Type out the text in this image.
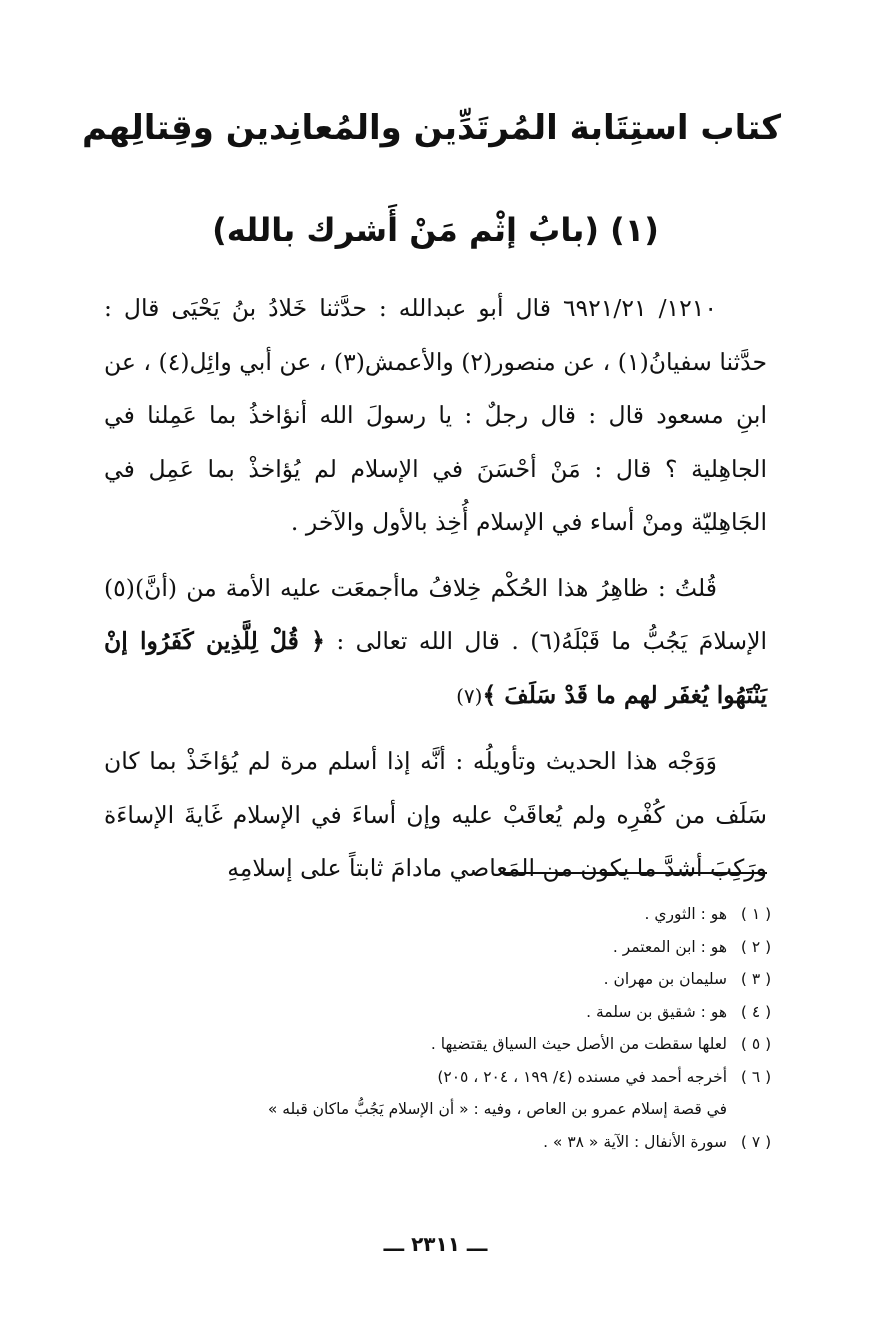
كتاب استِتَابة المُرتَدِّين والمُعانِدين وقِتالِهم
(١) (بابُ إثْم مَنْ أَشرك بالله)

١٢١٠/ ٦٩٢١/٢١ قال أبو عبدالله : حدَّثنا خَلادُ بنُ يَحْيَى قال : حدَّثنا سفيانُ(١) ، عن منصور(٢) والأعمش(٣) ، عن أبي وائِل(٤) ، عن ابنِ مسعود قال : قال رجلٌ : يا رسولَ الله أنؤاخذُ بما عَمِلنا في الجاهِلية ؟ قال : مَنْ أحْسَنَ في الإسلام لم يُؤاخذْ بما عَمِل في الجَاهِليّة ومنْ أساء في الإسلام أُخِذ بالأول والآخر .

قُلتُ : ظاهِرُ هذا الحُكْم خِلافُ ماأجمعَت عليه الأمة من (أنَّ)(٥) الإسلامَ يَجُبُّ ما قَبْلَهُ(٦) . قال الله تعالى : ﴿ قُلْ لِلَّذِين كَفَرُوا إنْ يَنْتَهُوا يُغفَر لهم ما قَدْ سَلَفَ ﴾(٧)

وَوَجْه هذا الحديث وتأويلُه : أنَّه إذا أسلم مرة لم يُؤاخَذْ بما كان سَلَف من كُفْرِه ولم يُعاقَبْ عليه وإن أساءَ في الإسلام غَايةَ الإساءَة ورَكِبَ أشدَّ ما يكون من المَعاصي مادامَ ثابتاً على إسلامِهِ

( ١ )هو : الثوري .
( ٢ )هو : ابن المعتمر .
( ٣ )سليمان بن مهران .
( ٤ )هو : شقيق بن سلمة .
( ٥ )لعلها سقطت من الأصل حيث السياق يقتضيها .
( ٦ )أخرجه أحمد في مسنده (٤/ ١٩٩ ، ٢٠٤ ، ٢٠٥)
في قصة إسلام عمرو بن العاص ، وفيه : « أن الإسلام يَجُبُّ ماكان قبله »
( ٧ )سورة الأنفال : الآية « ٣٨ » .
ـــ ٢٣١١ ـــ
